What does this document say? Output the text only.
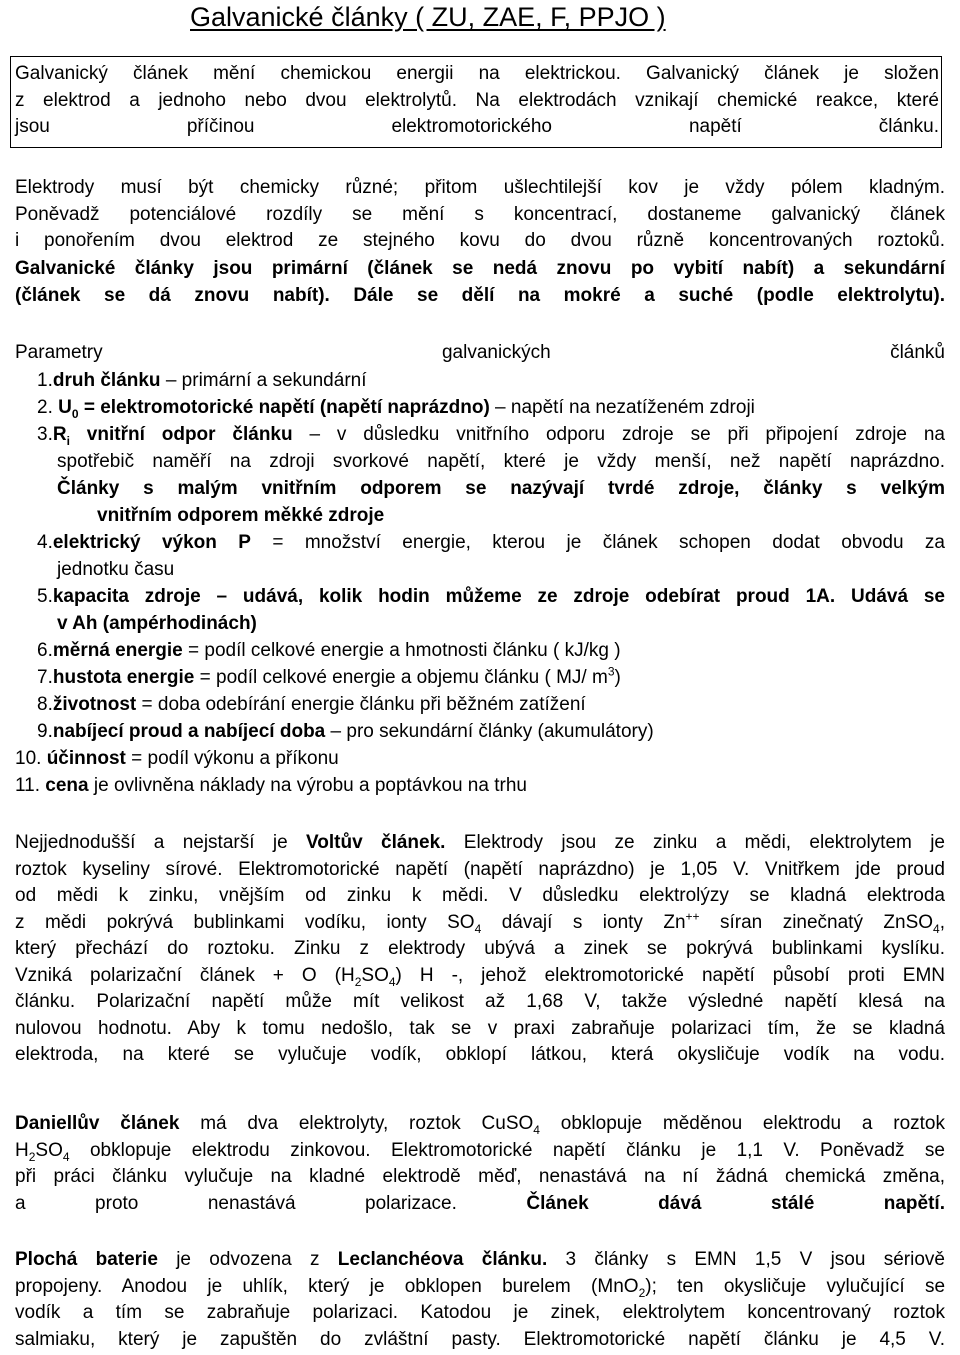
Galvanické články ( ZU, ZAE, F, PPJO )
Galvanický článek mění chemickou energii na elektrickou. Galvanický článek je složen
z elektrod a jednoho nebo dvou elektrolytů. Na elektrodách vznikají chemické reakce, které
jsou příčinou elektromotorického napětí článku.
Elektrody musí být chemicky různé; přitom ušlechtilejší kov je vždy pólem kladným.
Poněvadž potenciálové rozdíly se mění s koncentrací, dostaneme galvanický článek
i ponořením dvou elektrod ze stejného kovu do dvou různě koncentrovaných roztoků.
Galvanické články jsou primární (článek se nedá znovu po vybití nabít) a sekundární
(článek se dá znovu nabít). Dále se dělí na mokré a suché (podle elektrolytu).
Parametry galvanických článků
1.druh článku – primární a sekundární
2. $U_0$ = elektromotorické napětí (napětí naprázdno) – napětí na nezatíženém zdroji
$3.R_i$ vnitřní odpor článku – v důsledku vnitřního odporu zdroje se při připojení zdroje na
spotřebič naměří na zdroji svorkové napětí, které je vždy menší, než napětí naprázdno.
Články s malým vnitřním odporem se nazývají tvrdé zdroje, články s velkým
vnitřním odporem měkké zdroje
4.elektrický výkon P = množství energie, kterou je článek schopen dodat obvodu za
jednotku času
5.kapacita zdroje – udává, kolik hodin můžeme ze zdroje odebírat proud 1A. Udává se
v Ah (ampérhodinách)
6.měrná energie = podíl celkové energie a hmotnosti článku ( kJ/kg )
7.hustota energie = podíl celkové energie a objemu článku ( MJ/ $m^3$)
8.životnost = doba odebírání energie článku při běžném zatížení
9.nabíjecí proud a nabíjecí doba – pro sekundární články (akumulátory)
10. účinnost = podíl výkonu a příkonu
11. cena je ovlivněna náklady na výrobu a poptávkou na trhu
Nejjednodušší a nejstarší je Voltův článek. Elektrody jsou ze zinku a mědi, elektrolytem je
roztok kyseliny sírové. Elektromotorické napětí (napětí naprázdno) je 1,05 V. Vnitřkem jde proud
od mědi k zinku, vnějším od zinku k mědi. V důsledku elektrolýzy se kladná elektroda
z mědi pokrývá bublinkami vodíku, ionty $SO_4$ dávají s ionty Zn++ síran zinečnatý ZnSO$_4$,
který přechází do roztoku. Zinku z elektrody ubývá a zinek se pokrývá bublinkami kyslíku.
Vzniká polarizační článek + O $(H_2SO_4)$ H -, jehož elektromotorické napětí působí proti EMN
článku. Polarizační napětí může mít velikost až 1,68 V, takže výsledné napětí klesá na
nulovou hodnotu. Aby k tomu nedošlo, tak se v praxi zabraňuje polarizaci tím, že se kladná
elektroda, na které se vylučuje vodík, obklopí látkou, která okysličuje vodík na vodu.
Daniellův článek má dva elektrolyty, roztok CuSO$_4$ obklopuje měděnou elektrodu a roztok
$H_2SO_4$ obklopuje elektrodu zinkovou. Elektromotorické napětí článku je 1,1 V. Poněvadž se
při práci článku vylučuje na kladné elektrodě měď, nenastává na ní žádná chemická změna,
a proto nenastává polarizace. Článek dává stálé napětí.
Plochá baterie je odvozena z Leclanchéova článku. 3 články s EMN 1,5 V jsou sériově
propojeny. Anodou je uhlík, který je obklopen burelem (MnO$_2$); ten okysličuje vylučující se
vodík a tím se zabraňuje polarizaci. Katodou je zinek, elektrolytem koncentrovaný roztok
salmiaku, který je zapuštěn do zvláštní pasty. Elektromotorické napětí článku je 4,5 V.
